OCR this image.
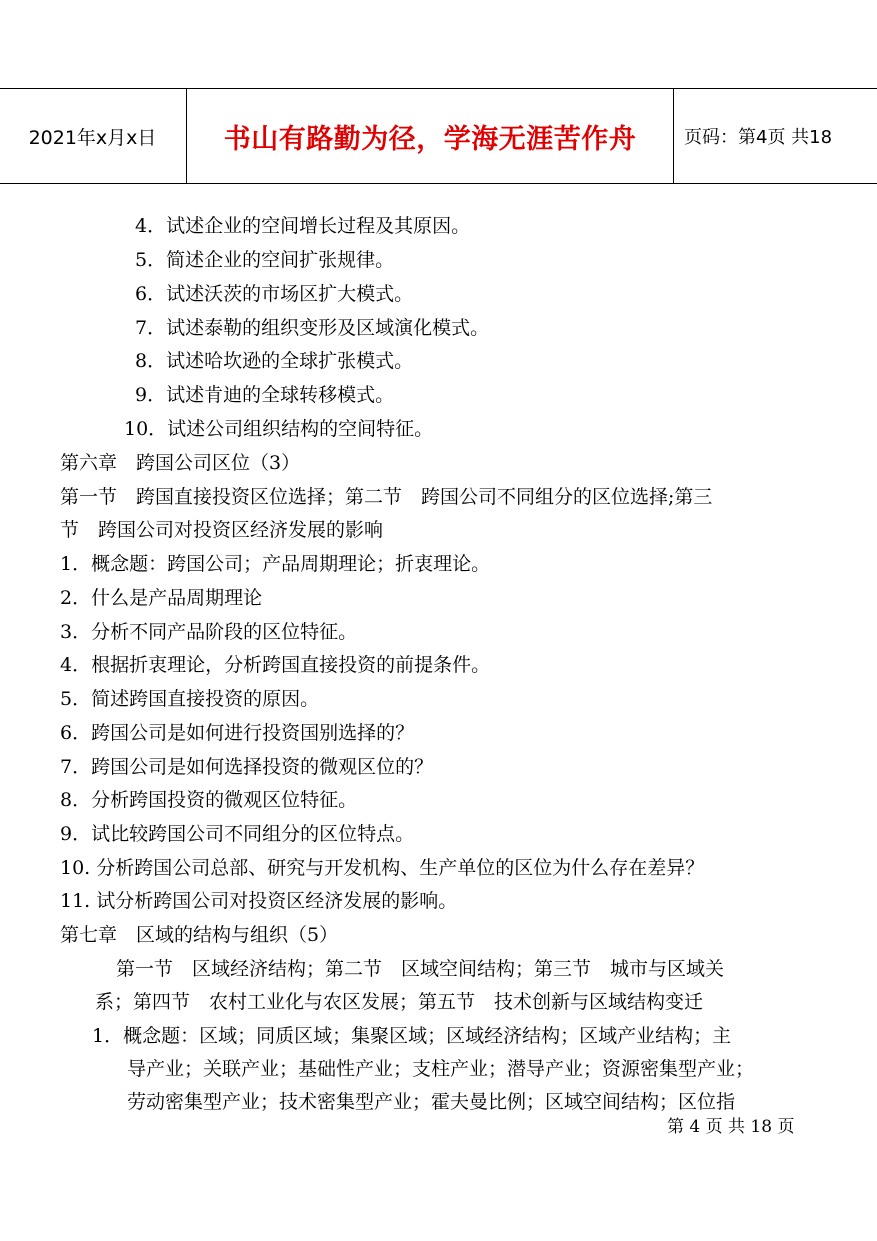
2021年x月x日	书山有路勤为径，学海无涯苦作舟	页码：第4页 共18
4．试述企业的空间增长过程及其原因。
5．简述企业的空间扩张规律。
6．试述沃茨的市场区扩大模式。
7．试述泰勒的组织变形及区域演化模式。
8．试述哈坎逊的全球扩张模式。
9．试述肯迪的全球转移模式。
10．试述公司组织结构的空间特征。
第六章　跨国公司区位（3）
第一节　跨国直接投资区位选择；第二节　跨国公司不同组分的区位选择;第三
节　跨国公司对投资区经济发展的影响
1．概念题：跨国公司；产品周期理论；折衷理论。
2．什么是产品周期理论
3．分析不同产品阶段的区位特征。
4．根据折衷理论，分析跨国直接投资的前提条件。
5．简述跨国直接投资的原因。
6．跨国公司是如何进行投资国别选择的？
7．跨国公司是如何选择投资的微观区位的？
8．分析跨国投资的微观区位特征。
9．试比较跨国公司不同组分的区位特点。
10. 分析跨国公司总部、研究与开发机构、生产单位的区位为什么存在差异？
11. 试分析跨国公司对投资区经济发展的影响。
第七章　区域的结构与组织（5）
第一节　区域经济结构；第二节　区域空间结构；第三节　城市与区域关
系；第四节　农村工业化与农区发展；第五节　技术创新与区域结构变迁
1．概念题：区域；同质区域；集聚区域；区域经济结构；区域产业结构；主
导产业；关联产业；基础性产业；支柱产业；潜导产业；资源密集型产业；
劳动密集型产业；技术密集型产业；霍夫曼比例；区域空间结构；区位指
第 4 页 共 18 页
